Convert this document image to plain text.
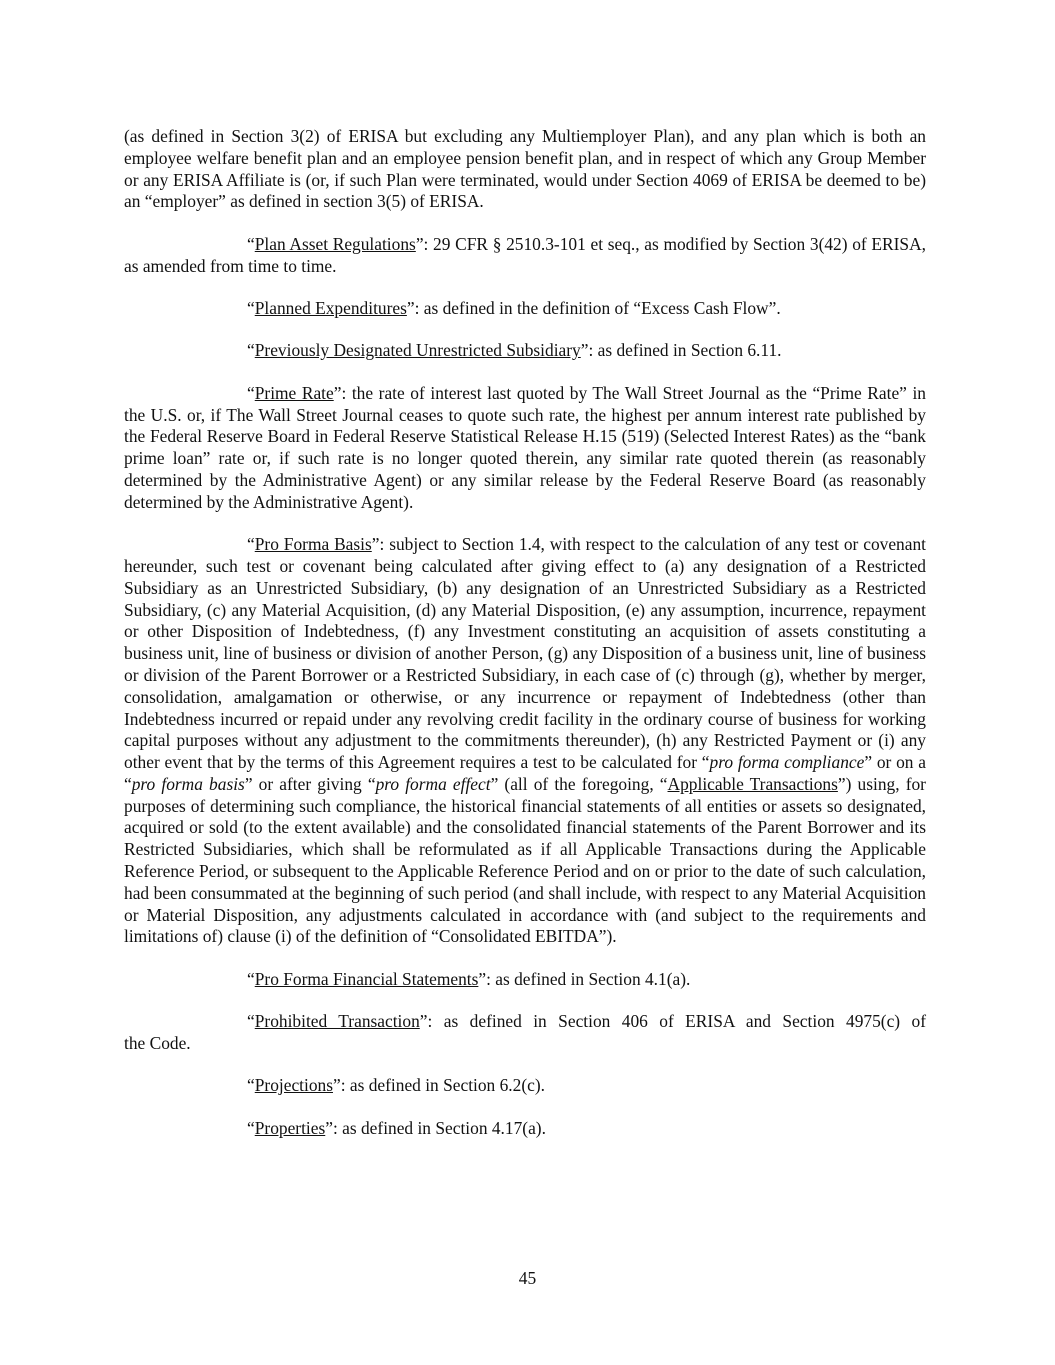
(as defined in Section 3(2) of ERISA but excluding any Multiemployer Plan), and any plan which is both an employee welfare benefit plan and an employee pension benefit plan, and in respect of which any Group Member or any ERISA Affiliate is (or, if such Plan were terminated, would under Section 4069 of ERISA be deemed to be) an “employer” as defined in section 3(5) of ERISA.

“Plan Asset Regulations”: 29 CFR § 2510.3-101 et seq., as modified by Section 3(42) of ERISA, as amended from time to time.

“Planned Expenditures”: as defined in the definition of “Excess Cash Flow”.

“Previously Designated Unrestricted Subsidiary”: as defined in Section 6.11.

“Prime Rate”: the rate of interest last quoted by The Wall Street Journal as the “Prime Rate” in the U.S. or, if The Wall Street Journal ceases to quote such rate, the highest per annum interest rate published by the Federal Reserve Board in Federal Reserve Statistical Release H.15 (519) (Selected Interest Rates) as the “bank prime loan” rate or, if such rate is no longer quoted therein, any similar rate quoted therein (as reasonably determined by the Administrative Agent) or any similar release by the Federal Reserve Board (as reasonably determined by the Administrative Agent).

“Pro Forma Basis”: subject to Section 1.4, with respect to the calculation of any test or covenant hereunder, such test or covenant being calculated after giving effect to (a) any designation of a Restricted Subsidiary as an Unrestricted Subsidiary, (b) any designation of an Unrestricted Subsidiary as a Restricted Subsidiary, (c) any Material Acquisition, (d) any Material Disposition, (e) any assumption, incurrence, repayment or other Disposition of Indebtedness, (f) any Investment constituting an acquisition of assets constituting a business unit, line of business or division of another Person, (g) any Disposition of a business unit, line of business or division of the Parent Borrower or a Restricted Subsidiary, in each case of (c) through (g), whether by merger, consolidation, amalgamation or otherwise, or any incurrence or repayment of Indebtedness (other than Indebtedness incurred or repaid under any revolving credit facility in the ordinary course of business for working capital purposes without any adjustment to the commitments thereunder), (h) any Restricted Payment or (i) any other event that by the terms of this Agreement requires a test to be calculated for “pro forma compliance” or on a “pro forma basis” or after giving “pro forma effect” (all of the foregoing, “Applicable Transactions”) using, for purposes of determining such compliance, the historical financial statements of all entities or assets so designated, acquired or sold (to the extent available) and the consolidated financial statements of the Parent Borrower and its Restricted Subsidiaries, which shall be reformulated as if all Applicable Transactions during the Applicable Reference Period, or subsequent to the Applicable Reference Period and on or prior to the date of such calculation, had been consummated at the beginning of such period (and shall include, with respect to any Material Acquisition or Material Disposition, any adjustments calculated in accordance with (and subject to the requirements and limitations of) clause (i) of the definition of “Consolidated EBITDA”).

“Pro Forma Financial Statements”: as defined in Section 4.1(a).

“Prohibited Transaction”: as defined in Section 406 of ERISA and Section 4975(c) of

the Code.

“Projections”: as defined in Section 6.2(c).

“Properties”: as defined in Section 4.17(a).

45
